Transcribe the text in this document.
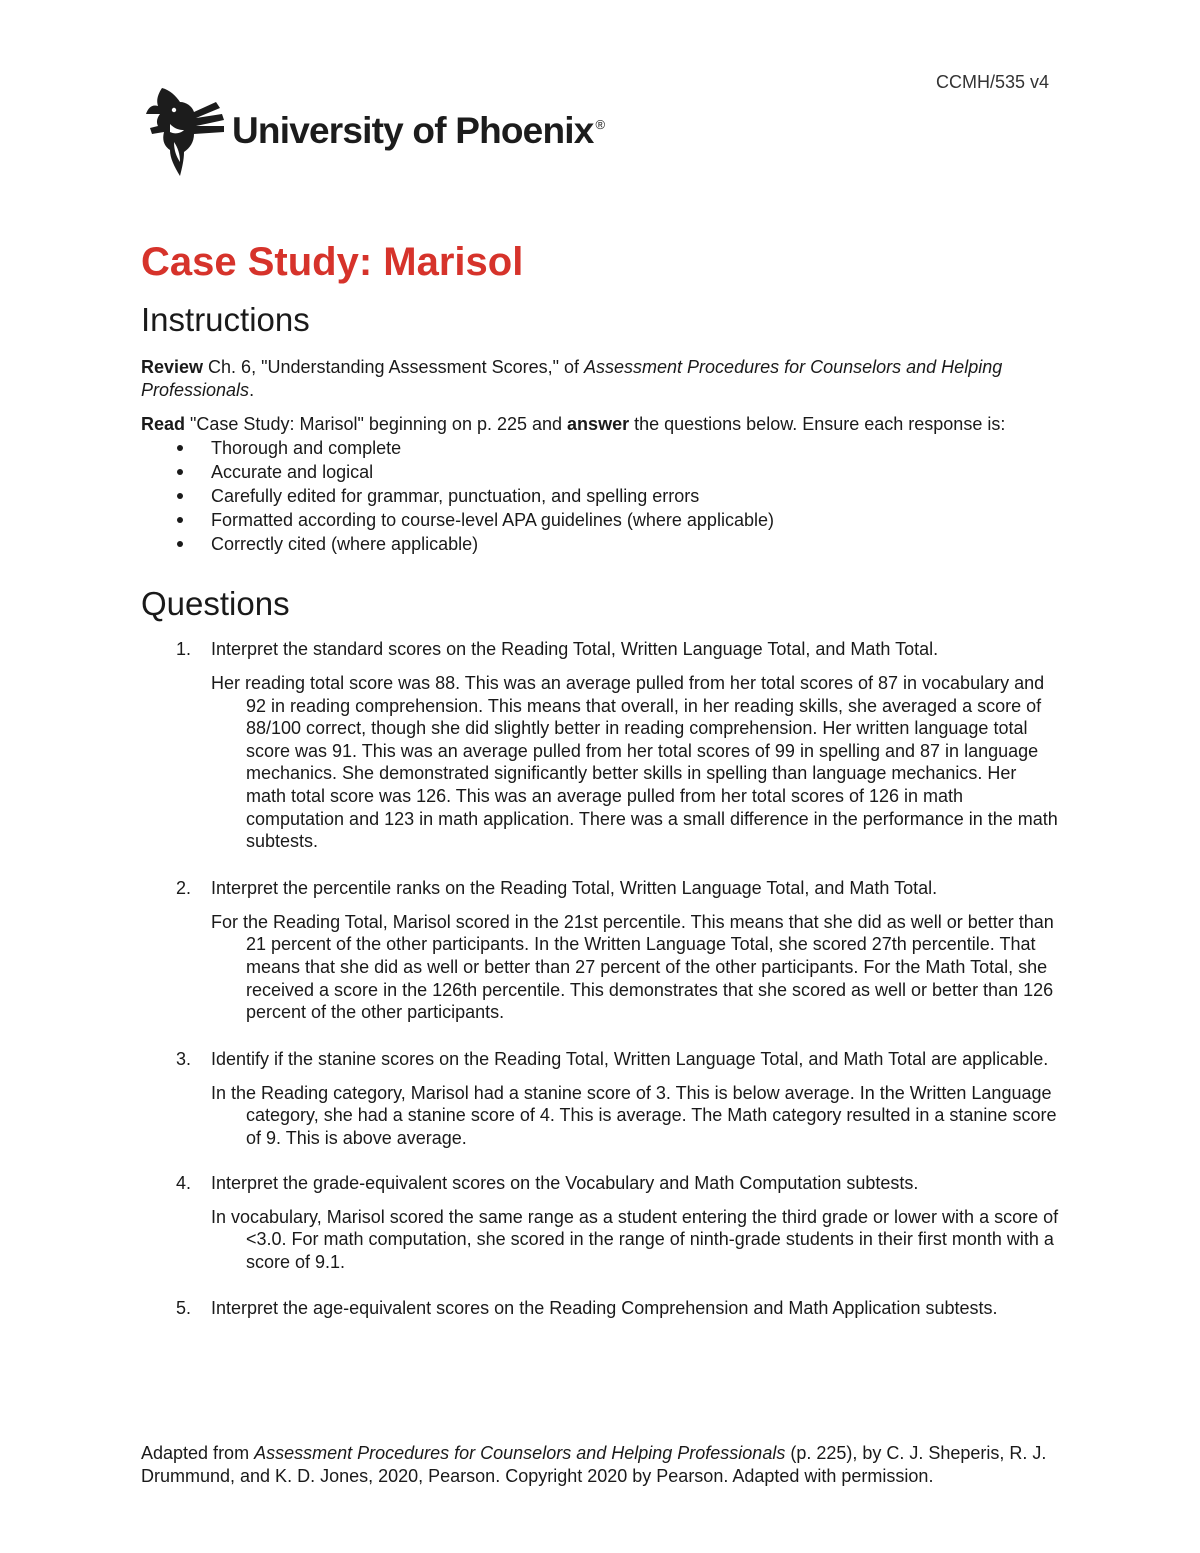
CCMH/535 v4
University of Phoenix ®
Case Study: Marisol
Instructions

Review Ch. 6, "Understanding Assessment Scores," of Assessment Procedures for Counselors and Helping Professionals.

Read "Case Study: Marisol" beginning on p. 225 and answer the questions below. Ensure each response is:

Thorough and complete
Accurate and logical
Carefully edited for grammar, punctuation, and spelling errors
Formatted according to course-level APA guidelines (where applicable)
Correctly cited (where applicable)
Questions
1. Interpret the standard scores on the Reading Total, Written Language Total, and Math Total.
Her reading total score was 88. This was an average pulled from her total scores of 87 in vocabulary and 92 in reading comprehension. This means that overall, in her reading skills, she averaged a score of 88/100 correct, though she did slightly better in reading comprehension. Her written language total score was 91. This was an average pulled from her total scores of 99 in spelling and 87 in language mechanics. She demonstrated significantly better skills in spelling than language mechanics. Her math total score was 126. This was an average pulled from her total scores of 126 in math computation and 123 in math application. There was a small difference in the performance in the math subtests.
2. Interpret the percentile ranks on the Reading Total, Written Language Total, and Math Total.
For the Reading Total, Marisol scored in the 21st percentile. This means that she did as well or better than 21 percent of the other participants. In the Written Language Total, she scored 27th percentile. That means that she did as well or better than 27 percent of the other participants. For the Math Total, she received a score in the 126th percentile. This demonstrates that she scored as well or better than 126 percent of the other participants.
3. Identify if the stanine scores on the Reading Total, Written Language Total, and Math Total are applicable.
In the Reading category, Marisol had a stanine score of 3. This is below average. In the Written Language category, she had a stanine score of 4. This is average. The Math category resulted in a stanine score of 9. This is above average.
4. Interpret the grade-equivalent scores on the Vocabulary and Math Computation subtests.
In vocabulary, Marisol scored the same range as a student entering the third grade or lower with a score of <3.0. For math computation, she scored in the range of ninth-grade students in their first month with a score of 9.1.
5. Interpret the age-equivalent scores on the Reading Comprehension and Math Application subtests.
Adapted from Assessment Procedures for Counselors and Helping Professionals (p. 225), by C. J. Sheperis, R. J. Drummund, and K. D. Jones, 2020, Pearson. Copyright 2020 by Pearson. Adapted with permission.
